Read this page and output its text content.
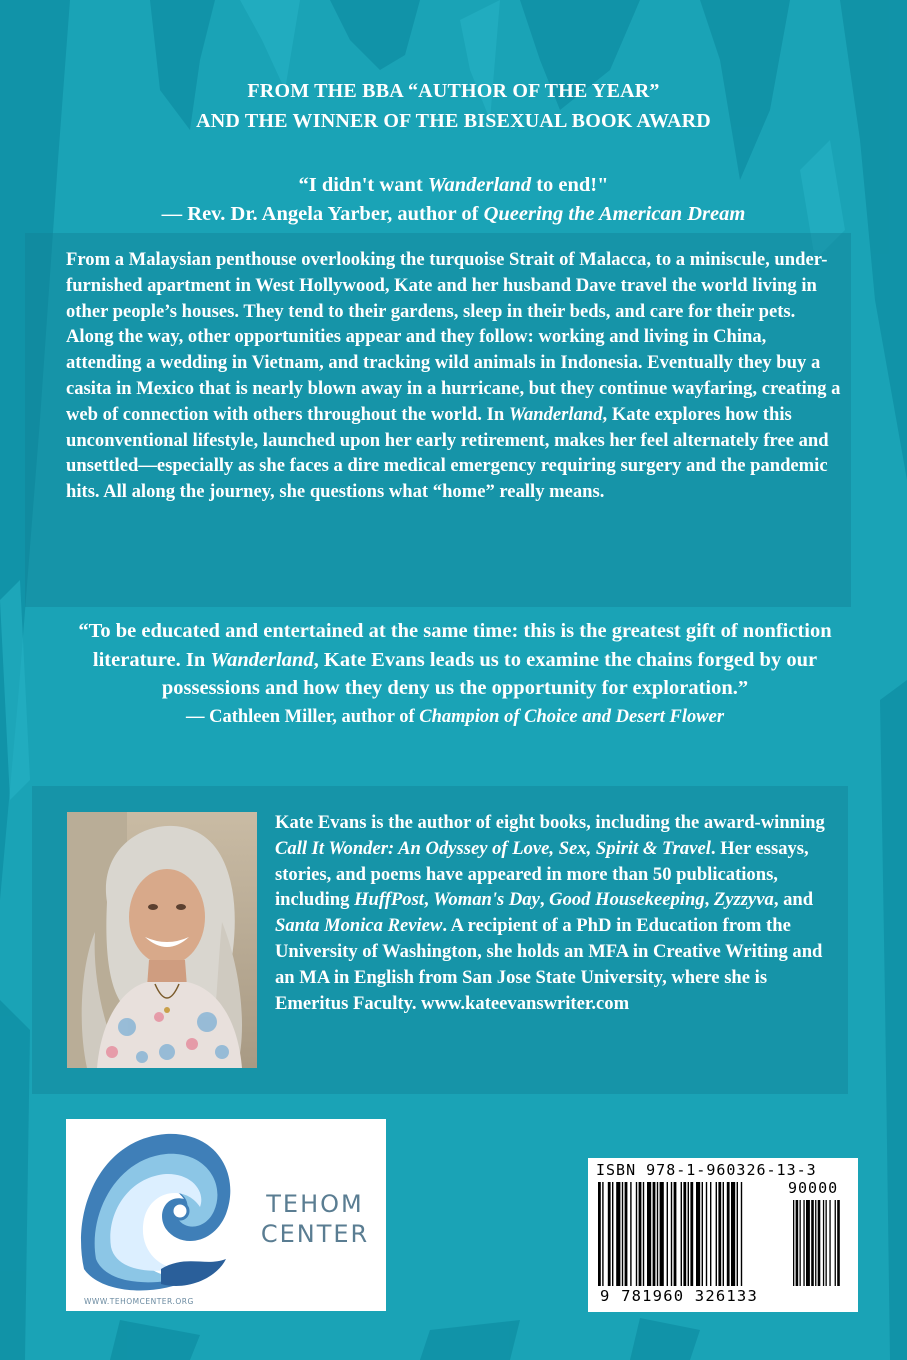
FROM THE BBA “AUTHOR OF THE YEAR”
AND THE WINNER OF THE BISEXUAL BOOK AWARD
“I didn't want Wanderland to end!"
— Rev. Dr. Angela Yarber, author of Queering the American Dream
From a Malaysian penthouse overlooking the turquoise Strait of Malacca, to a miniscule, under-furnished apartment in West Hollywood, Kate and her husband Dave travel the world living in other people’s houses. They tend to their gardens, sleep in their beds, and care for their pets. Along the way, other opportunities appear and they follow: working and living in China, attending a wedding in Vietnam, and tracking wild animals in Indonesia. Eventually they buy a casita in Mexico that is nearly blown away in a hurricane, but they continue wayfaring, creating a web of connection with others throughout the world. In Wanderland, Kate explores how this unconventional lifestyle, launched upon her early retirement, makes her feel alternately free and unsettled—especially as she faces a dire medical emergency requiring surgery and the pandemic hits. All along the journey, she questions what “home” really means.
“To be educated and entertained at the same time: this is the greatest gift of nonfiction literature. In Wanderland, Kate Evans leads us to examine the chains forged by our possessions and how they deny us the opportunity for exploration.”
— Cathleen Miller, author of Champion of Choice and Desert Flower
Kate Evans is the author of eight books, including the award-winning Call It Wonder: An Odyssey of Love, Sex, Spirit & Travel. Her essays, stories, and poems have appeared in more than 50 publications, including HuffPost, Woman's Day, Good Housekeeping, Zyzzyva, and Santa Monica Review. A recipient of a PhD in Education from the University of Washington, she holds an MFA in Creative Writing and an MA in English from San Jose State University, where she is Emeritus Faculty. www.kateevanswriter.com
TEHOM
CENTER
WWW.TEHOMCENTER.ORG
ISBN 978-1-960326-13-3
90000
9 781960 326133
